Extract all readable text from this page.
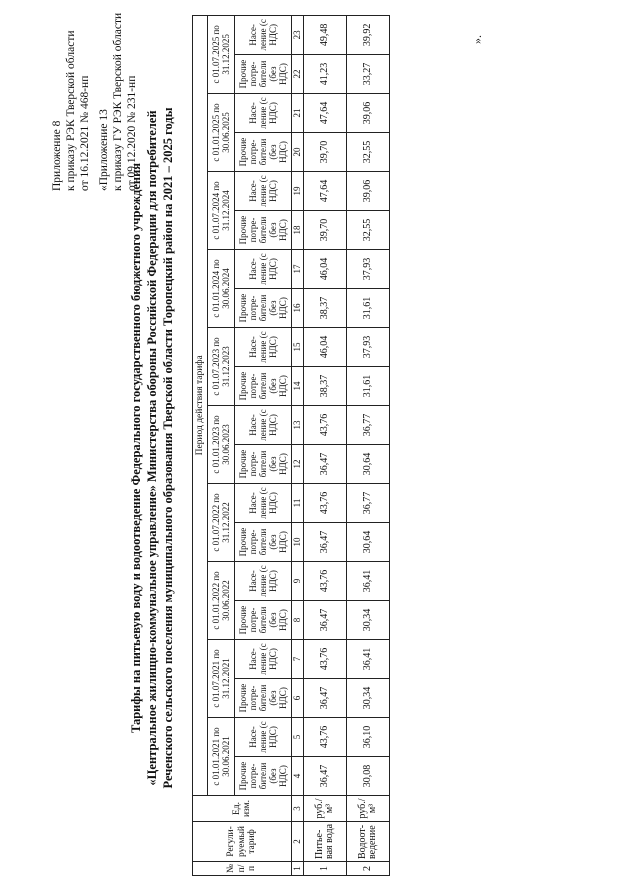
Приложение 8 к приказу РЭК Тверской области от 16.12.2021 № 468-нп «Приложение 13 к приказу ГУ РЭК Тверской области от 09.12.2020 № 231-нп
Тарифы на питьевую воду и водоотведение Федерального государственного бюджетного учреждения «Центральное жилищно-коммунальное управление» Министерства обороны Российской Федерации для потребителей Реченского сельского поселения муниципального образования Тверской области Торопецкий район на 2021 – 2025 годы
№ п/п	Регули-руемый тариф	Ед. изм.	Период действия тарифа																			
			с 01.01.2021 по 30.06.2021		с 01.07.2021 по 31.12.2021		с 01.01.2022 по 30.06.2022		с 01.07.2022 по 31.12.2022		с 01.01.2023 по 30.06.2023		с 01.07.2023 по 31.12.2023		с 01.01.2024 по 30.06.2024		с 01.07.2024 по 31.12.2024		с 01.01.2025 по 30.06.2025		с 01.07.2025 по 31.12.2025	
			Прочие потре-бители (без НДС)	Насе-ление (с НДС)	Прочие потре-бители (без НДС)	Насе-ление (с НДС)	Прочие потре-бители (без НДС)	Насе-ление (с НДС)	Прочие потре-бители (без НДС)	Насе-ление (с НДС)	Прочие потре-бители (без НДС)	Насе-ление (с НДС)	Прочие потре-бители (без НДС)	Насе-ление (с НДС)	Прочие потре-бители (без НДС)	Насе-ление (с НДС)	Прочие потре-бители (без НДС)	Насе-ление (с НДС)	Прочие потре-бители (без НДС)	Насе-ление (с НДС)	Прочие потре-бители (без НДС)	Насе-ление (с НДС)
1	2	3	4	5	6	7	8	9	10	11	12	13	14	15	16	17	18	19	20	21	22	23
1	Питье-вая вода	руб./м³	36,47	43,76	36,47	43,76	36,47	43,76	36,47	43,76	36,47	43,76	38,37	46,04	38,37	46,04	39,70	47,64	39,70	47,64	41,23	49,48
2	Водоот-ведение	руб./м³	30,08	36,10	30,34	36,41	30,34	36,41	30,64	36,77	30,64	36,77	31,61	37,93	31,61	37,93	32,55	39,06	32,55	39,06	33,27	39,92	».
